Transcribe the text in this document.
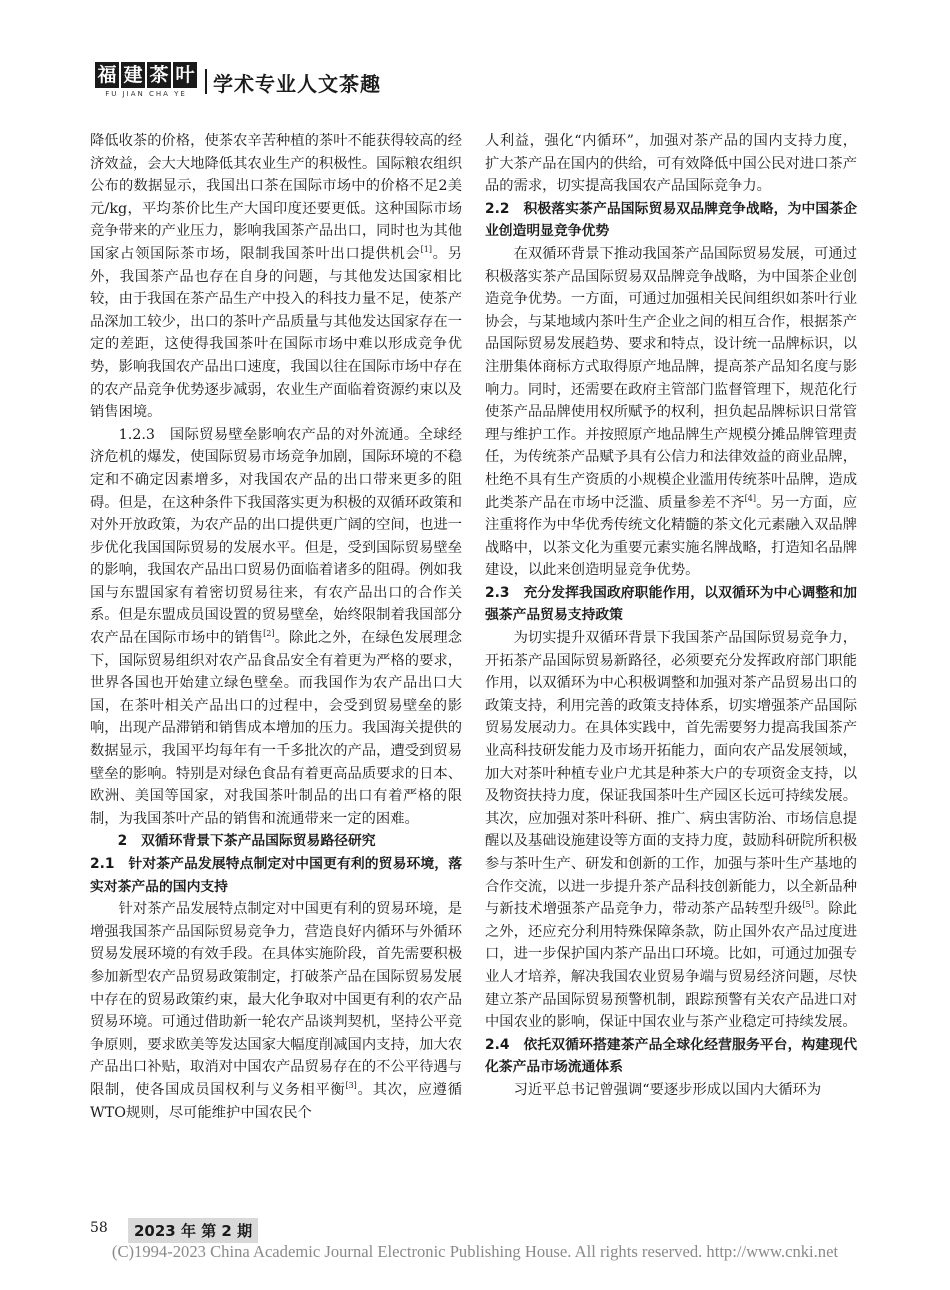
福 建 茶 叶
FU JIAN CHA YE	学术专业人文茶趣

降低收茶的价格，使茶农辛苦种植的茶叶不能获得较高的经济效益，会大大地降低其农业生产的积极性。国际粮农组织公布的数据显示，我国出口茶在国际市场中的价格不足2美元/kg，平均茶价比生产大国印度还要更低。这种国际市场竞争带来的产业压力，影响我国茶产品出口，同时也为其他国家占领国际茶市场，限制我国茶叶出口提供机会[1]。另外，我国茶产品也存在自身的问题，与其他发达国家相比较，由于我国在茶产品生产中投入的科技力量不足，使茶产品深加工较少，出口的茶叶产品质量与其他发达国家存在一定的差距，这使得我国茶叶在国际市场中难以形成竞争优势，影响我国农产品出口速度，我国以往在国际市场中存在的农产品竞争优势逐步减弱，农业生产面临着资源约束以及销售困境。

1.2.3　国际贸易壁垒影响农产品的对外流通。全球经济危机的爆发，使国际贸易市场竞争加剧，国际环境的不稳定和不确定因素增多，对我国农产品的出口带来更多的阻碍。但是，在这种条件下我国落实更为积极的双循环政策和对外开放政策，为农产品的出口提供更广阔的空间，也进一步优化我国国际贸易的发展水平。但是，受到国际贸易壁垒的影响，我国农产品出口贸易仍面临着诸多的阻碍。例如我国与东盟国家有着密切贸易往来，有农产品出口的合作关系。但是东盟成员国设置的贸易壁垒，始终限制着我国部分农产品在国际市场中的销售[2]。除此之外，在绿色发展理念下，国际贸易组织对农产品食品安全有着更为严格的要求，世界各国也开始建立绿色壁垒。而我国作为农产品出口大国，在茶叶相关产品出口的过程中，会受到贸易壁垒的影响，出现产品滞销和销售成本增加的压力。我国海关提供的数据显示，我国平均每年有一千多批次的产品，遭受到贸易壁垒的影响。特别是对绿色食品有着更高品质要求的日本、欧洲、美国等国家，对我国茶叶制品的出口有着严格的限制，为我国茶叶产品的销售和流通带来一定的困难。

2　双循环背景下茶产品国际贸易路径研究

2.1　针对茶产品发展特点制定对中国更有利的贸易环境，落实对茶产品的国内支持

针对茶产品发展特点制定对中国更有利的贸易环境，是增强我国茶产品国际贸易竞争力，营造良好内循环与外循环贸易发展环境的有效手段。在具体实施阶段，首先需要积极参加新型农产品贸易政策制定，打破茶产品在国际贸易发展中存在的贸易政策约束，最大化争取对中国更有利的农产品贸易环境。可通过借助新一轮农产品谈判契机，坚持公平竞争原则，要求欧美等发达国家大幅度削减国内支持，加大农产品出口补贴，取消对中国农产品贸易存在的不公平待遇与限制，使各国成员国权利与义务相平衡[3]。其次，应遵循WTO规则，尽可能维护中国农民个

人利益，强化“内循环”，加强对茶产品的国内支持力度，扩大茶产品在国内的供给，可有效降低中国公民对进口茶产品的需求，切实提高我国农产品国际竞争力。

2.2　积极落实茶产品国际贸易双品牌竞争战略，为中国茶企业创造明显竞争优势

在双循环背景下推动我国茶产品国际贸易发展，可通过积极落实茶产品国际贸易双品牌竞争战略，为中国茶企业创造竞争优势。一方面，可通过加强相关民间组织如茶叶行业协会，与某地域内茶叶生产企业之间的相互合作，根据茶产品国际贸易发展趋势、要求和特点，设计统一品牌标识，以注册集体商标方式取得原产地品牌，提高茶产品知名度与影响力。同时，还需要在政府主管部门监督管理下，规范化行使茶产品品牌使用权所赋予的权利，担负起品牌标识日常管理与维护工作。并按照原产地品牌生产规模分摊品牌管理责任，为传统茶产品赋予具有公信力和法律效益的商业品牌，杜绝不具有生产资质的小规模企业滥用传统茶叶品牌，造成此类茶产品在市场中泛滥、质量参差不齐[4]。另一方面，应注重将作为中华优秀传统文化精髓的茶文化元素融入双品牌战略中，以茶文化为重要元素实施名牌战略，打造知名品牌建设，以此来创造明显竞争优势。

2.3　充分发挥我国政府职能作用，以双循环为中心调整和加强茶产品贸易支持政策

为切实提升双循环背景下我国茶产品国际贸易竞争力，开拓茶产品国际贸易新路径，必须要充分发挥政府部门职能作用，以双循环为中心积极调整和加强对茶产品贸易出口的政策支持，利用完善的政策支持体系，切实增强茶产品国际贸易发展动力。在具体实践中，首先需要努力提高我国茶产业高科技研发能力及市场开拓能力，面向农产品发展领域，加大对茶叶种植专业户尤其是种茶大户的专项资金支持，以及物资扶持力度，保证我国茶叶生产园区长远可持续发展。其次，应加强对茶叶科研、推广、病虫害防治、市场信息提醒以及基础设施建设等方面的支持力度，鼓励科研院所积极参与茶叶生产、研发和创新的工作，加强与茶叶生产基地的合作交流，以进一步提升茶产品科技创新能力，以全新品种与新技术增强茶产品竞争力，带动茶产品转型升级[5]。除此之外，还应充分利用特殊保障条款，防止国外农产品过度进口，进一步保护国内茶产品出口环境。比如，可通过加强专业人才培养，解决我国农业贸易争端与贸易经济问题，尽快建立茶产品国际贸易预警机制，跟踪预警有关农产品进口对中国农业的影响，保证中国农业与茶产业稳定可持续发展。

2.4　依托双循环搭建茶产品全球化经营服务平台，构建现代化茶产品市场流通体系

习近平总书记曾强调“要逐步形成以国内大循环为

58	2023 年 第 2 期
(C)1994-2023 China Academic Journal Electronic Publishing House. All rights reserved. http://www.cnki.net
